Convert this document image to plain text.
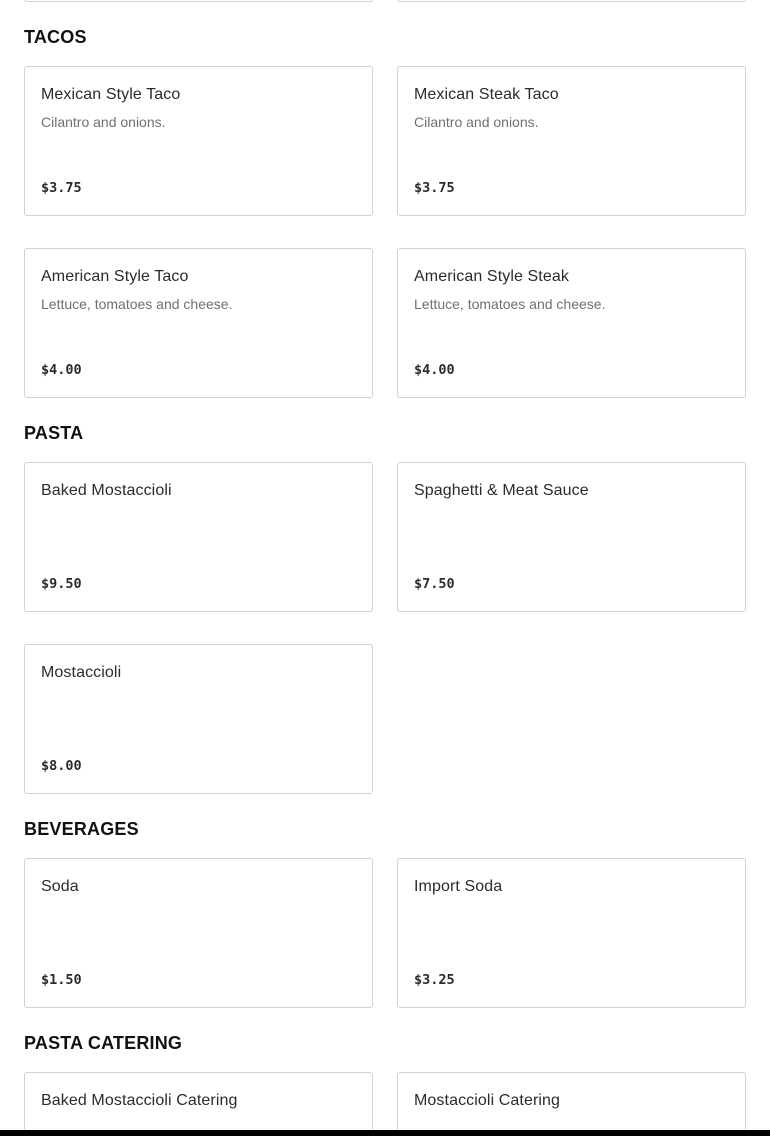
TACOS
Mexican Style Taco
Cilantro and onions.
$3.75
Mexican Steak Taco
Cilantro and onions.
$3.75
American Style Taco
Lettuce, tomatoes and cheese.
$4.00
American Style Steak
Lettuce, tomatoes and cheese.
$4.00
PASTA
Baked Mostaccioli
$9.50
Spaghetti & Meat Sauce
$7.50
Mostaccioli
$8.00
BEVERAGES
Soda
$1.50
Import Soda
$3.25
PASTA CATERING
Baked Mostaccioli Catering	Mostaccioli Catering
